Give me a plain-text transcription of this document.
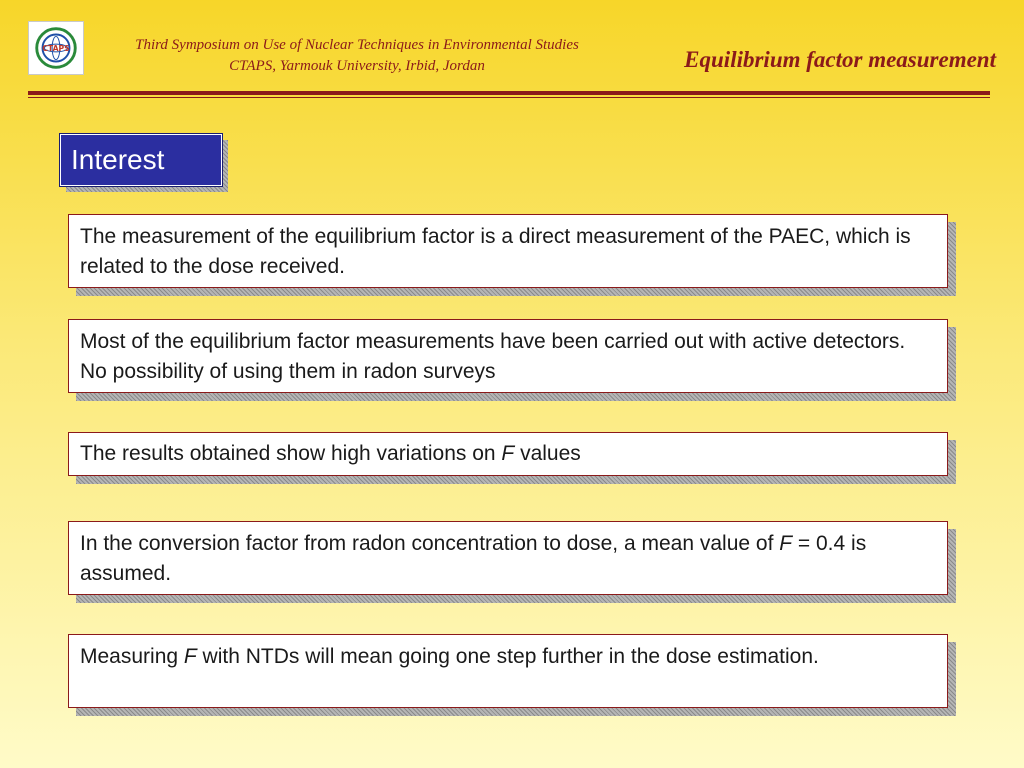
CTAPS	Third Symposium on Use of Nuclear Techniques in Environmental Studies
CTAPS, Yarmouk University, Irbid, Jordan	Equilibrium factor measurement
Interest
The measurement of the equilibrium factor is a direct measurement of the PAEC, which is related to the dose received.
Most of the equilibrium factor measurements have been carried out with active detectors. No possibility of using them in radon surveys
The results obtained show high variations on F values
In the conversion factor from radon concentration to dose, a mean value of F = 0.4 is assumed.
Measuring F with NTDs will mean going one step further in the dose estimation.
